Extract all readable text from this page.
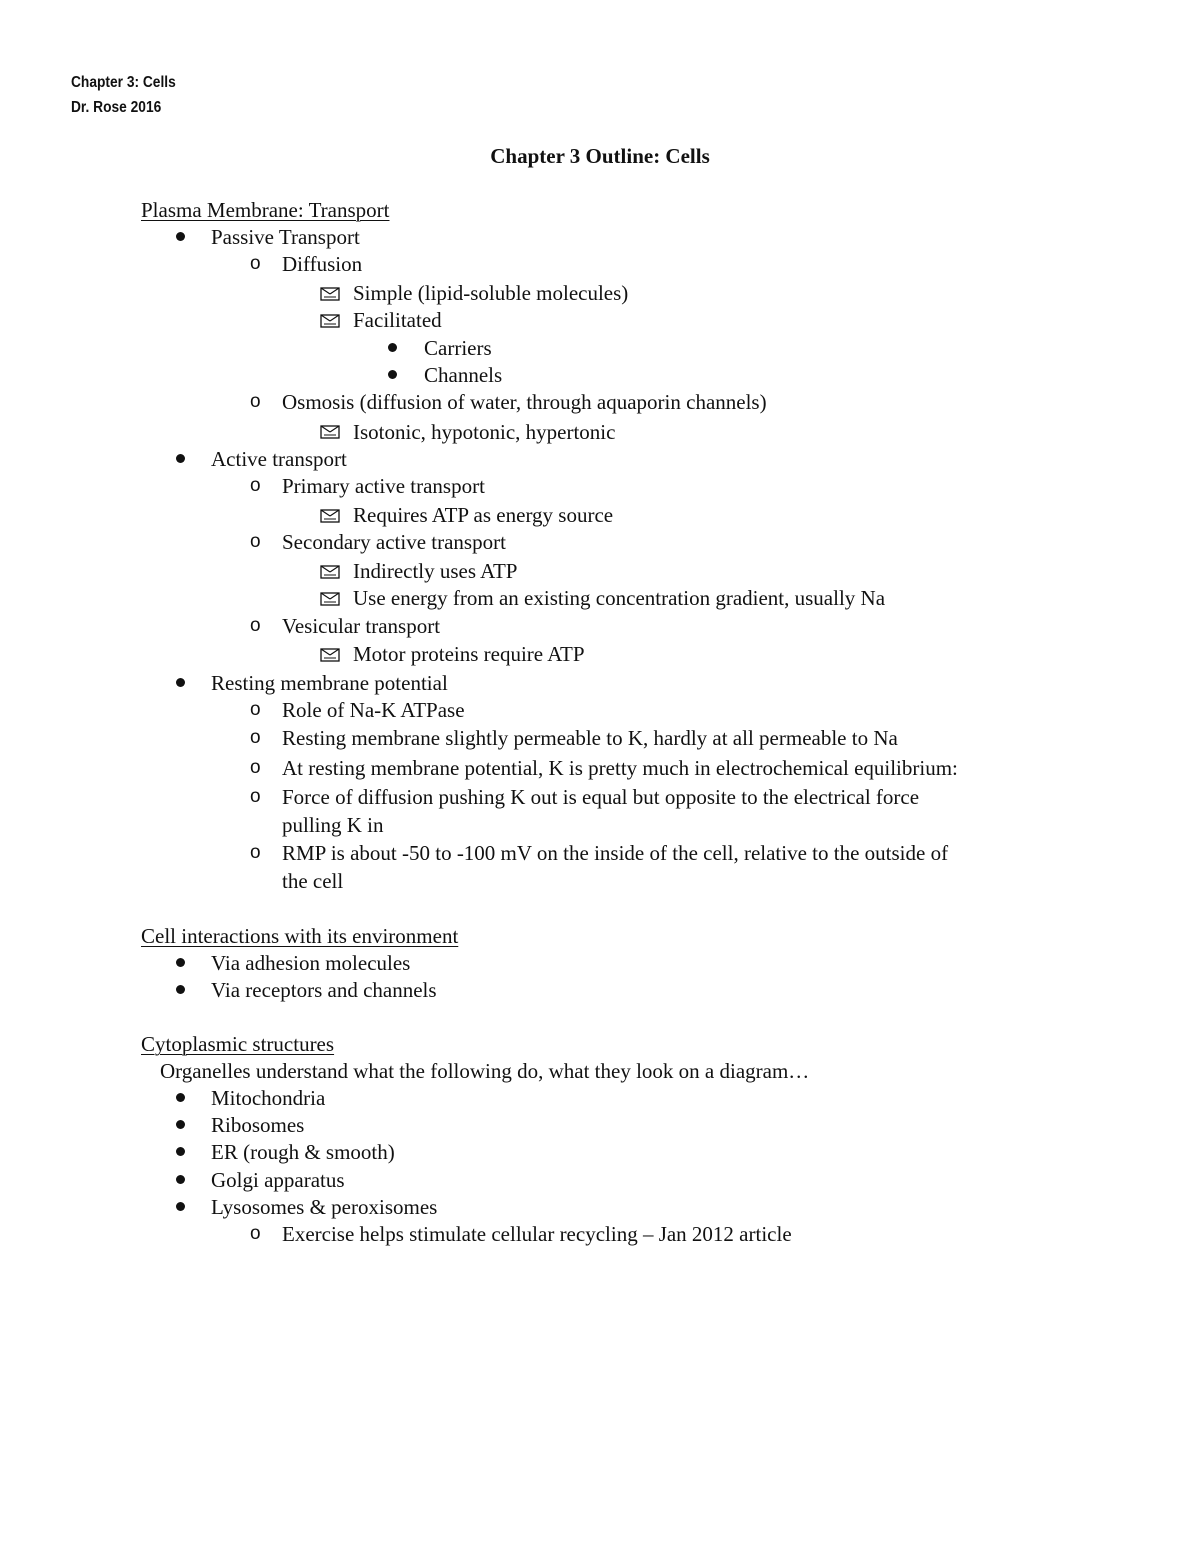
Chapter 3: Cells
Dr. Rose 2016
Chapter 3 Outline: Cells
Plasma Membrane: Transport
Passive Transport
o Diffusion
Simple (lipid-soluble molecules)
Facilitated
Carriers
Channels
o Osmosis (diffusion of water, through aquaporin channels)
Isotonic, hypotonic, hypertonic
Active transport
o Primary active transport
Requires ATP as energy source
o Secondary active transport
Indirectly uses ATP
Use energy from an existing concentration gradient, usually Na
o Vesicular transport
Motor proteins require ATP
Resting membrane potential
o Role of Na-K ATPase
o Resting membrane slightly permeable to K, hardly at all permeable to Na
o At resting membrane potential, K is pretty much in electrochemical equilibrium:
o Force of diffusion pushing K out is equal but opposite to the electrical force
pulling K in
o RMP is about -50 to -100 mV on the inside of the cell, relative to the outside of
the cell
Cell interactions with its environment
Via adhesion molecules
Via receptors and channels
Cytoplasmic structures
Organelles understand what the following do, what they look on a diagram…
Mitochondria
Ribosomes
ER (rough & smooth)
Golgi apparatus
Lysosomes & peroxisomes
o Exercise helps stimulate cellular recycling – Jan 2012 article
